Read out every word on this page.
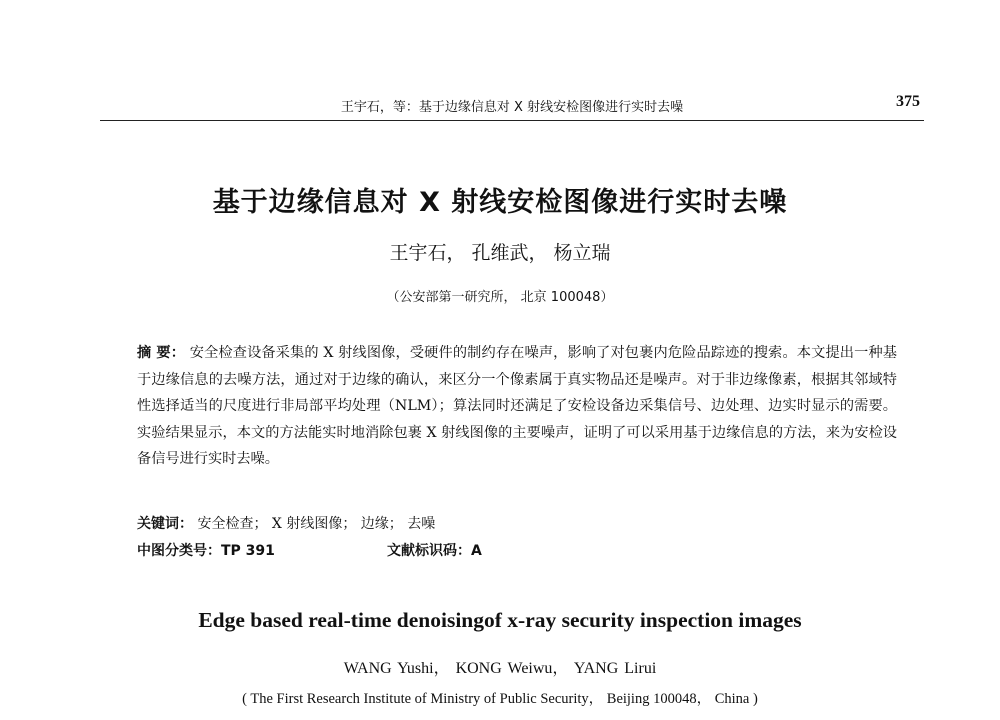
王宇石，等：基于边缘信息对 X 射线安检图像进行实时去噪	375
基于边缘信息对 X 射线安检图像进行实时去噪
王宇石， 孔维武， 杨立瑞
（公安部第一研究所， 北京 100048）
摘 要： 安全检查设备采集的 X 射线图像，受硬件的制约存在噪声，影响了对包裹内危险品踪迹的搜索。本文提出一种基于边缘信息的去噪方法，通过对于边缘的确认，来区分一个像素属于真实物品还是噪声。对于非边缘像素，根据其邻域特性选择适当的尺度进行非局部平均处理（NLM）；算法同时还满足了安检设备边采集信号、边处理、边实时显示的需要。实验结果显示，本文的方法能实时地消除包裹 X 射线图像的主要噪声，证明了可以采用基于边缘信息的方法，来为安检设备信号进行实时去噪。
关键词： 安全检查； X 射线图像； 边缘； 去噪
中图分类号：TP 391	文献标识码：A
Edge based real-time denoisingof x-ray security inspection images
WANG Yushi， KONG Weiwu， YANG Lirui
( The First Research Institute of Ministry of Public Security， Beijing 100048， China )
